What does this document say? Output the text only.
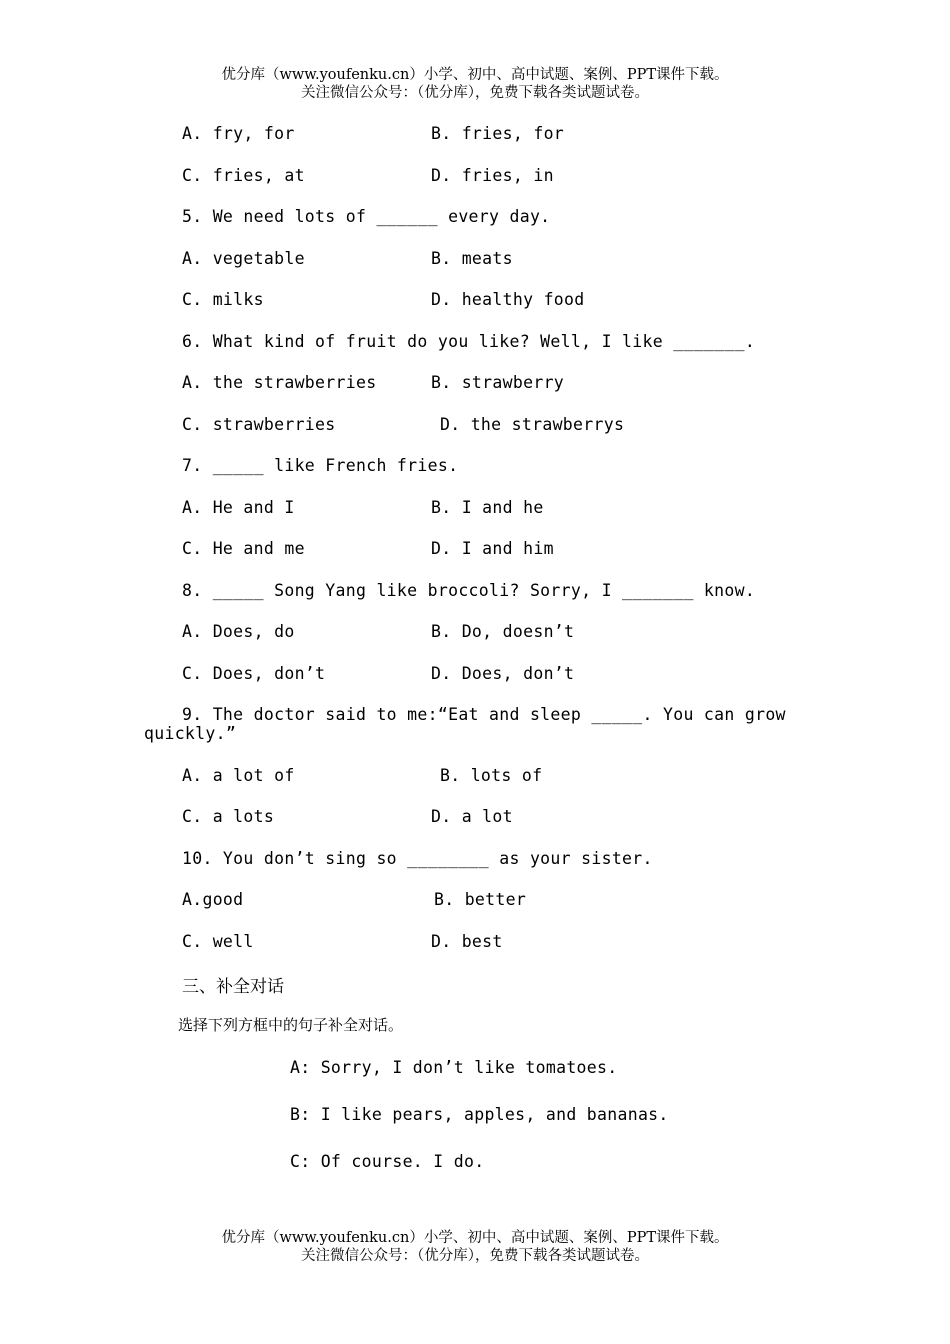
优分库（www.youfenku.cn）小学、初中、高中试题、案例、PPT课件下载。
关注微信公众号：（优分库），免费下载各类试题试卷。
A. fry, for	B. fries, for
C. fries, at	D. fries, in
5. We need lots of ______ every day.
A. vegetable	B. meats
C. milks	D. healthy food
6. What kind of fruit do you like? Well, I like _______.
A. the strawberries	B. strawberry
C. strawberries	D. the strawberrys
7. _____ like French fries.
A. He and I	B. I and he
C. He and me	D. I and him
8. _____ Song Yang like broccoli? Sorry, I _______ know.
A. Does, do	B. Do, doesn’t
C. Does, don’t	D. Does, don’t
9. The doctor said to me:“Eat and sleep _____. You can grow
quickly.”
A. a lot of	B. lots of
C. a lots	D. a lot
10. You don’t sing so ________ as your sister.
A.good	B. better
C. well	D. best
三、补全对话
选择下列方框中的句子补全对话。
A: Sorry, I don’t like tomatoes.
B: I like pears, apples, and bananas.
C: Of course. I do.
优分库（www.youfenku.cn）小学、初中、高中试题、案例、PPT课件下载。
关注微信公众号：（优分库），免费下载各类试题试卷。
